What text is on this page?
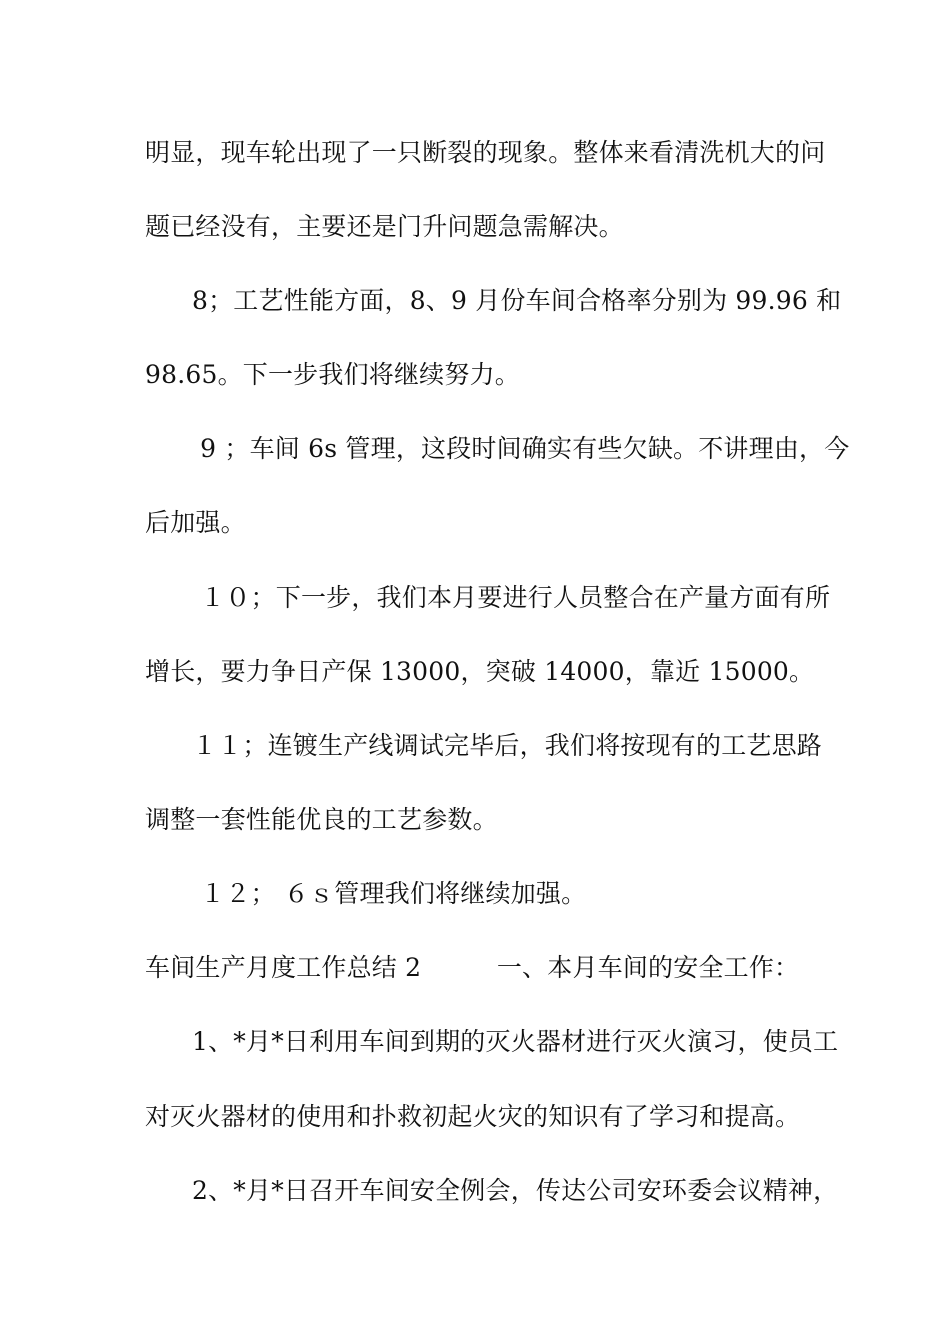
明显，现车轮出现了一只断裂的现象。整体来看清洗机大的问
题已经没有，主要还是门升问题急需解决。
8；工艺性能方面，8、9 月份车间合格率分别为 99.96 和
98.65。下一步我们将继续努力。
9 ；车间 6s 管理，这段时间确实有些欠缺。不讲理由，今
后加强。
１０；下一步，我们本月要进行人员整合在产量方面有所
增长，要力争日产保 13000，突破 14000，靠近 15000。
１１；连镀生产线调试完毕后，我们将按现有的工艺思路
调整一套性能优良的工艺参数。
１２； ６ｓ管理我们将继续加强。
车间生产月度工作总结 2　　　一、本月车间的安全工作：
1、*月*日利用车间到期的灭火器材进行灭火演习，使员工
对灭火器材的使用和扑救初起火灾的知识有了学习和提高。
2、*月*日召开车间安全例会，传达公司安环委会议精神，
